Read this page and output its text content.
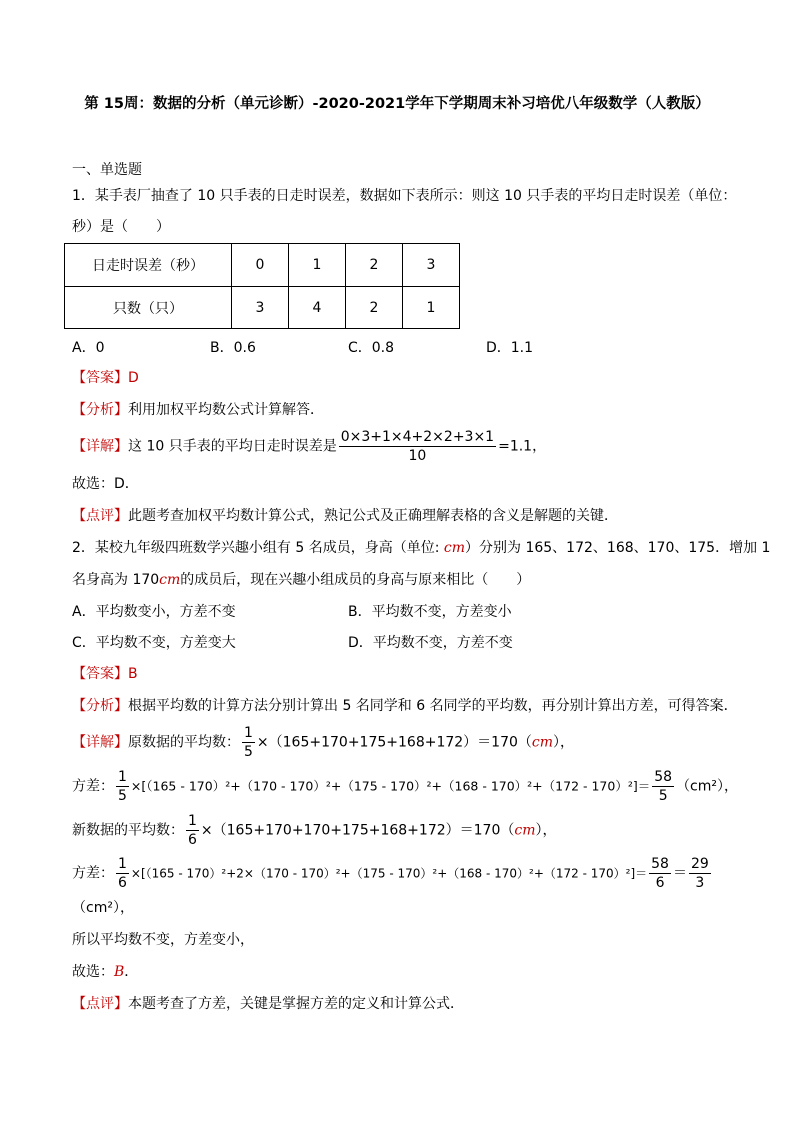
第 15周：数据的分析（单元诊断）-2020-2021学年下学期周末补习培优八年级数学（人教版）
一、单选题
1．某手表厂抽查了 10 只手表的日走时误差，数据如下表所示：则这 10 只手表的平均日走时误差（单位：
秒）是（　　）
日走时误差（秒）	0	1	2	3
只数（只）	3	4	2	1
A．0	B．0.6	C．0.8	D．1.1
【答案】D
【分析】利用加权平均数公式计算解答．
【详解】这 10 只手表的平均日走时误差是 $\frac{0\times 3+1\times 4+2\times 2+3\times 1}{10} =1.1$，
故选：D．
【点评】此题考查加权平均数计算公式，熟记公式及正确理解表格的含义是解题的关键．
2．某校九年级四班数学兴趣小组有 5 名成员，身高（单位: cm）分别为 165、172、168、170、175．增加 1
名身高为 170cm的成员后，现在兴趣小组成员的身高与原来相比（　　）
A．平均数变小，方差不变	B．平均数不变，方差变小
C．平均数不变，方差变大	D．平均数不变，方差不变
【答案】B
【分析】根据平均数的计算方法分别计算出 5 名同学和 6 名同学的平均数，再分别计算出方差，可得答案．
【详解】原数据的平均数： $\frac{1}{5} \times(165+170+175+168+172)=170(cm)$，
方差： $\frac{1}{5} \times[(165 - 170)^2+(170 - 170)^2+(175 - 170)^2+(168 - 170)^2+(172 - 170)^2]= \frac{58}{5} (cm^2)$，
新数据的平均数： $\frac{1}{6} \times(165+170+170+175+168+172)=170(cm)$，
方差： $\frac{1}{6} \times[(165 - 170)^2+2\times(170 - 170)^2+(175 - 170)^2+(168 - 170)^2+(172 - 170)^2]= \frac{58}{6} = \frac{29}{3}$
（cm²），
所以平均数不变，方差变小，
故选：B．
【点评】本题考查了方差，关键是掌握方差的定义和计算公式．
